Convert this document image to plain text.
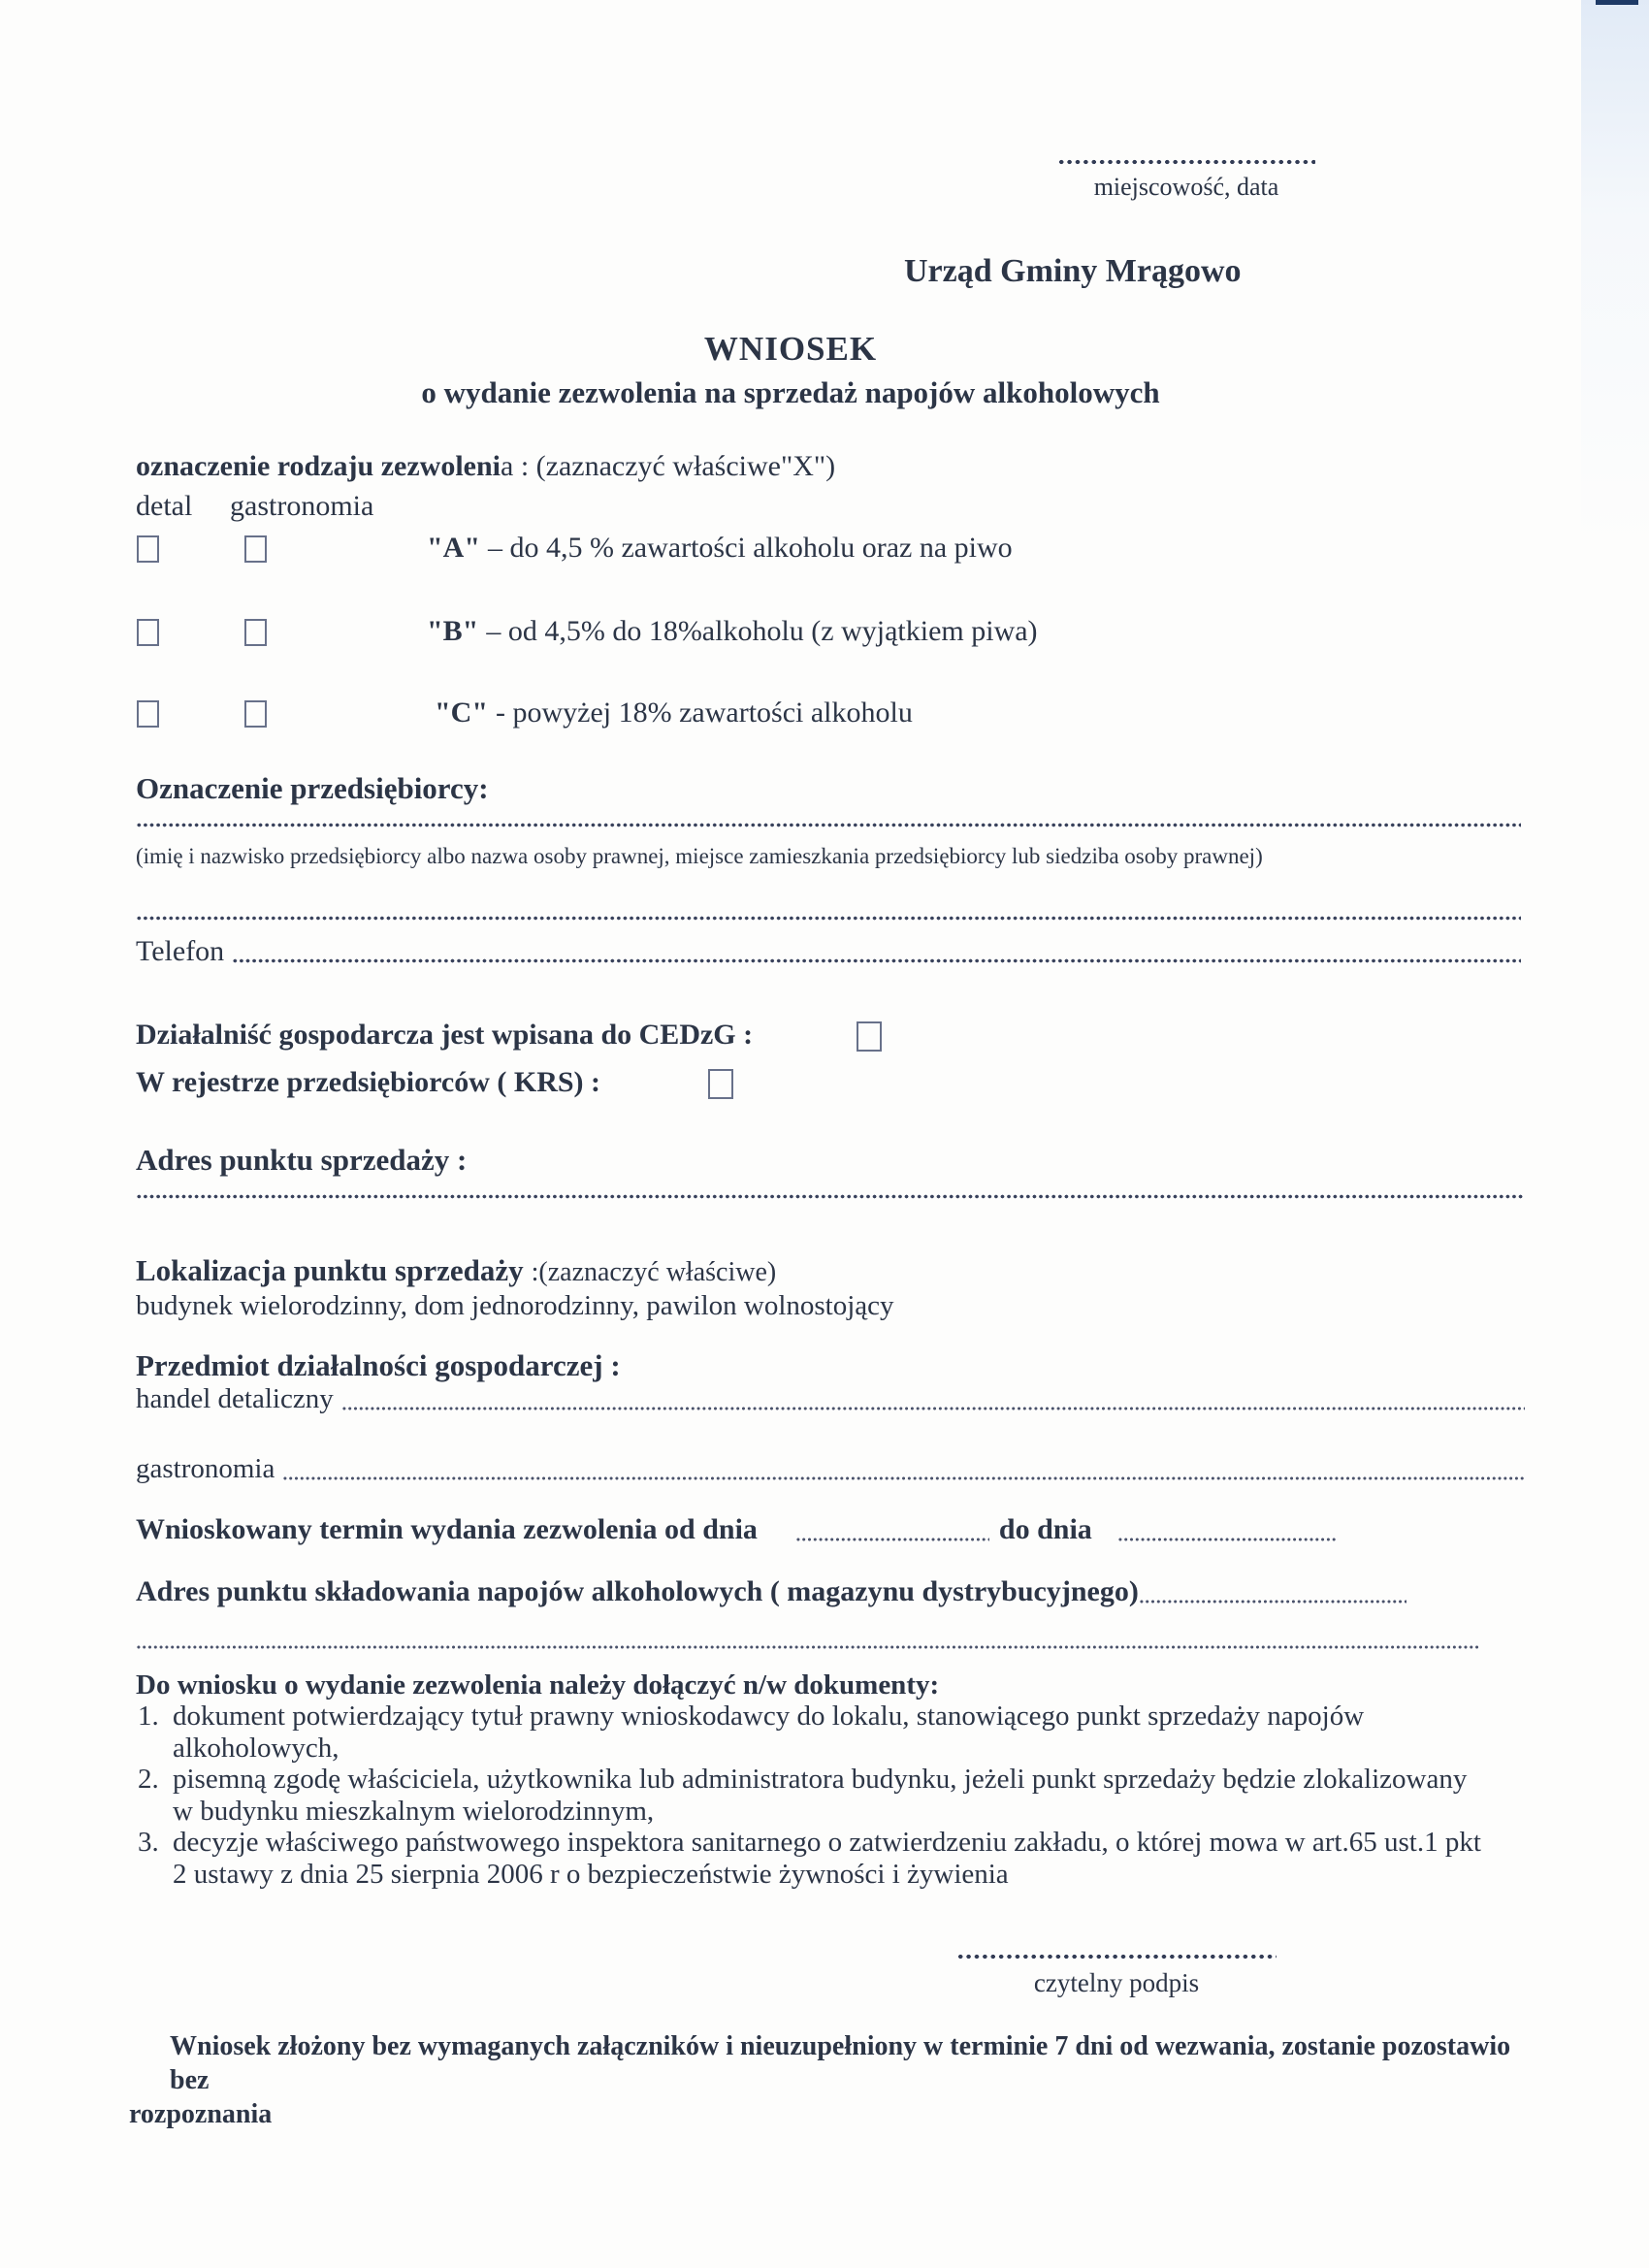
miejscowość, data
Urząd Gminy Mrągowo
WNIOSEK
o wydanie zezwolenia na sprzedaż napojów alkoholowych
oznaczenie rodzaju zezwolenia : (zaznaczyć właściwe"X")
detal gastronomia
"A" – do 4,5 % zawartości alkoholu oraz na piwo
"B" – od 4,5% do 18%alkoholu (z wyjątkiem piwa)
"C" - powyżej 18% zawartości alkoholu
Oznaczenie przedsiębiorcy:
(imię i nazwisko przedsiębiorcy albo nazwa osoby prawnej, miejsce zamieszkania przedsiębiorcy lub siedziba osoby prawnej)
Telefon
Działalniść gospodarcza jest wpisana do CEDzG :
W rejestrze przedsiębiorców ( KRS) :
Adres punktu sprzedaży :
Lokalizacja punktu sprzedaży :(zaznaczyć właściwe)
budynek wielorodzinny, dom jednorodzinny, pawilon wolnostojący
Przedmiot działalności gospodarczej :
handel detaliczny
gastronomia
Wnioskowany termin wydania zezwolenia od dnia	do dnia
Adres punktu składowania napojów alkoholowych ( magazynu dystrybucyjnego)
Do wniosku o wydanie zezwolenia należy dołączyć n/w dokumenty:
1. dokument potwierdzający tytuł prawny wnioskodawcy do lokalu, stanowiącego punkt sprzedaży napojów
alkoholowych,
2. pisemną zgodę właściciela, użytkownika lub administratora budynku, jeżeli punkt sprzedaży będzie zlokalizowany
w budynku mieszkalnym wielorodzinnym,
3. decyzje właściwego państwowego inspektora sanitarnego o zatwierdzeniu zakładu, o której mowa w art.65 ust.1 pkt
2 ustawy z dnia 25 sierpnia 2006 r o bezpieczeństwie żywności i żywienia
czytelny podpis
Wniosek złożony bez wymaganych załączników i nieuzupełniony w terminie 7 dni od wezwania, zostanie pozostawio bez
rozpoznania
